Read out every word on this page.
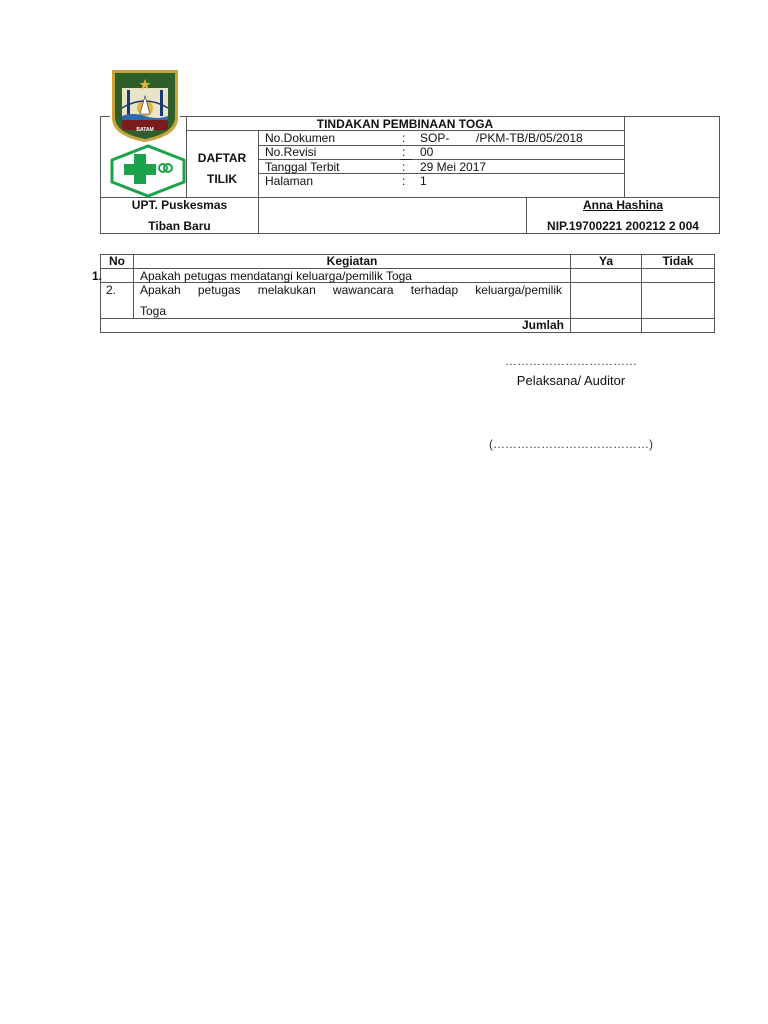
BATAM	TINDAKAN PEMBINAAN TOGA
DAFTAR
TILIK
No.Dokumen	: SOP- /PKM-TB/B/05/2018
No.Revisi	: 00
Tanggal Terbit	: 29 Mei 2017
Halaman	: 1
UPT. Puskesmas
Tiban Baru
Anna Hashina
NIP.19700221 200212 2 004
No	Kegiatan	Ya	Tidak
1.	Apakah petugas mendatangi keluarga/pemilik Toga
2. Apakah petugas melakukan wawancara terhadap keluarga/pemilik
Toga
Jumlah
……………………………
Pelaksana/ Auditor
(…………………………………)
